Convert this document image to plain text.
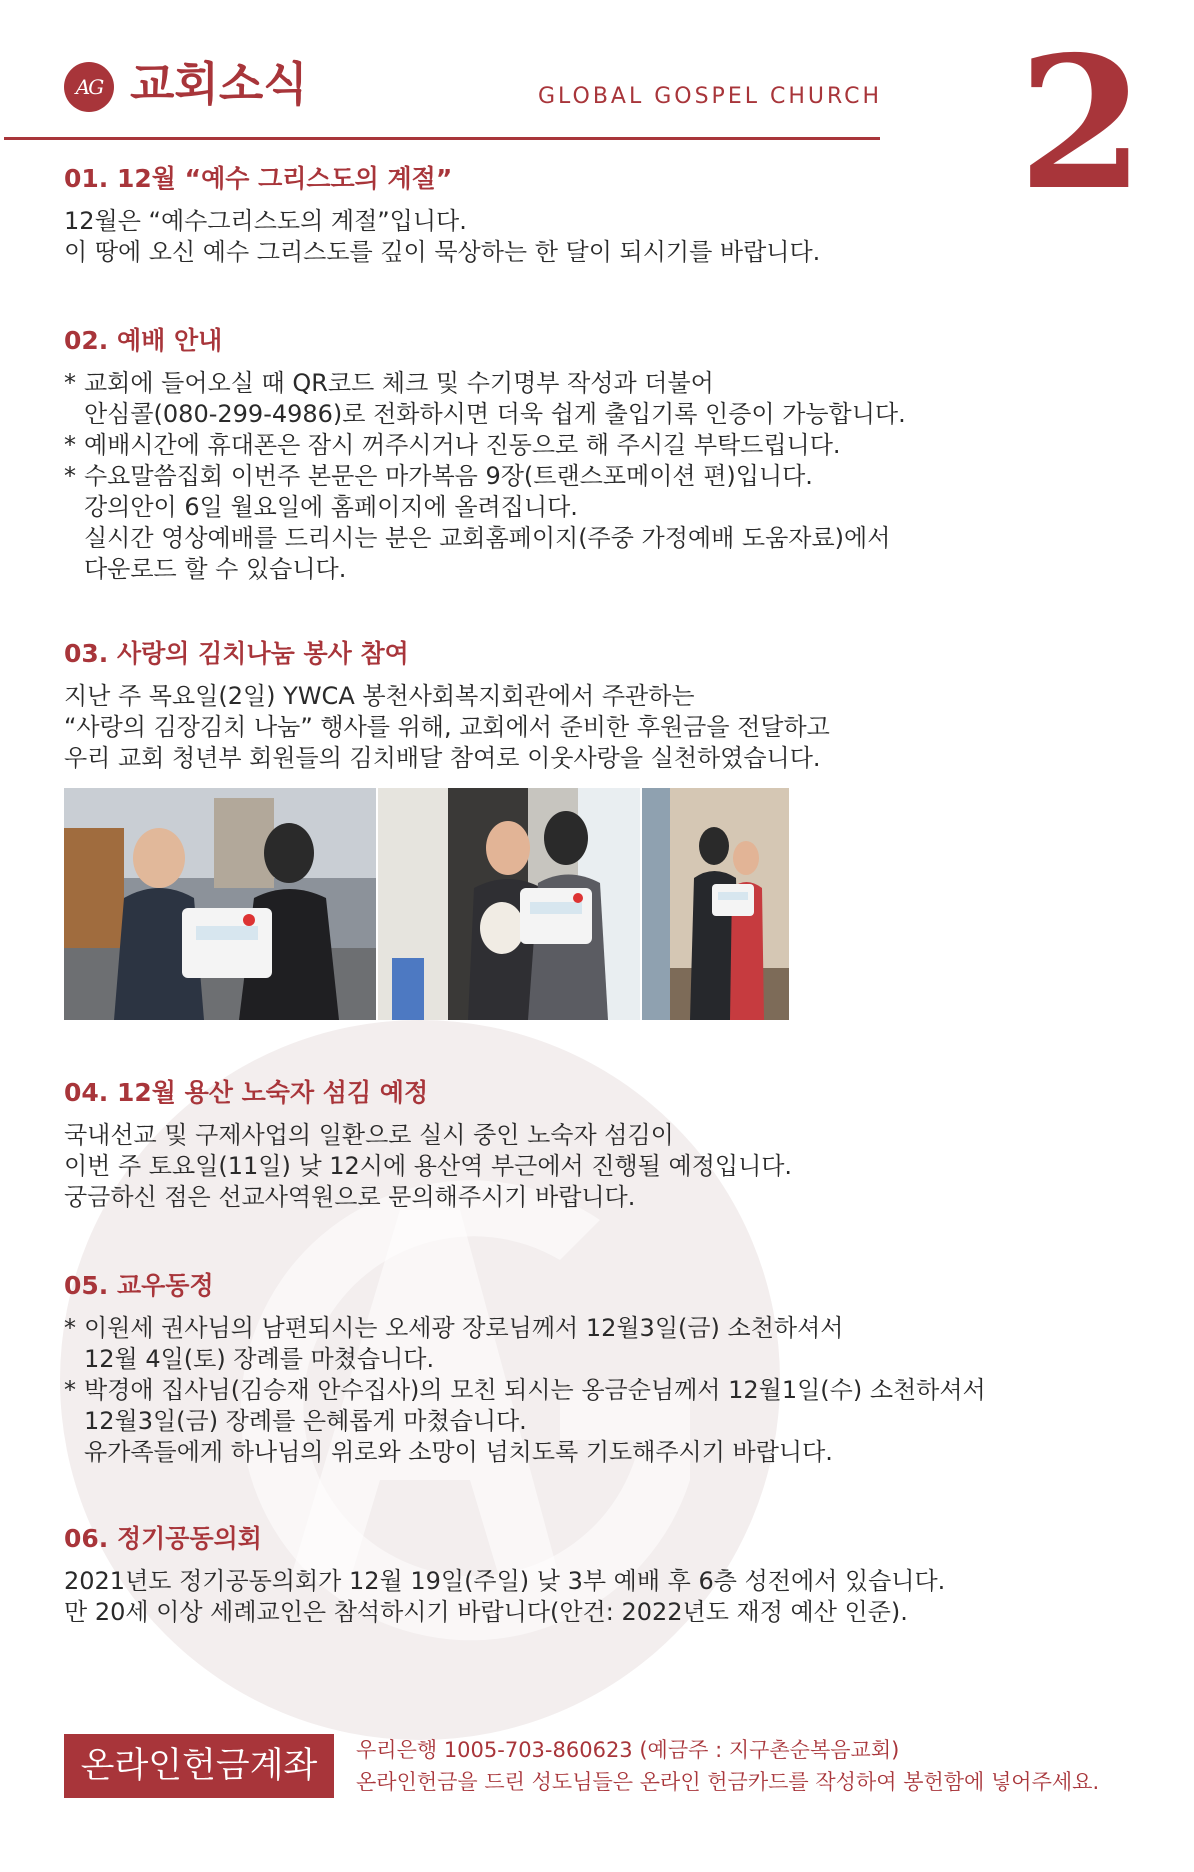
AG 교회소식	GLOBAL GOSPEL CHURCH 2
01. 12월 “예수 그리스도의 계절”

12월은 “예수그리스도의 계절”입니다.

이 땅에 오신 예수 그리스도를 깊이 묵상하는 한 달이 되시기를 바랍니다.

02. 예배 안내
* 교회에 들어오실 때 QR코드 체크 및 수기명부 작성과 더불어

안심콜(080-299-4986)로 전화하시면 더욱 쉽게 출입기록 인증이 가능합니다.

* 예배시간에 휴대폰은 잠시 꺼주시거나 진동으로 해 주시길 부탁드립니다.

* 수요말씀집회 이번주 본문은 마가복음 9장(트랜스포메이션 편)입니다.

강의안이 6일 월요일에 홈페이지에 올려집니다.

실시간 영상예배를 드리시는 분은 교회홈페이지(주중 가정예배 도움자료)에서

다운로드 할 수 있습니다.

03. 사랑의 김치나눔 봉사 참여

지난 주 목요일(2일) YWCA 봉천사회복지회관에서 주관하는

“사랑의 김장김치 나눔” 행사를 위해, 교회에서 준비한 후원금을 전달하고

우리 교회 청년부 회원들의 김치배달 참여로 이웃사랑을 실천하였습니다.

04. 12월 용산 노숙자 섬김 예정

국내선교 및 구제사업의 일환으로 실시 중인 노숙자 섬김이

이번 주 토요일(11일) 낮 12시에 용산역 부근에서 진행될 예정입니다.

궁금하신 점은 선교사역원으로 문의해주시기 바랍니다.

05. 교우동정
* 이원세 권사님의 남편되시는 오세광 장로님께서 12월3일(금) 소천하셔서

12월 4일(토) 장례를 마쳤습니다.

* 박경애 집사님(김승재 안수집사)의 모친 되시는 옹금순님께서 12월1일(수) 소천하셔서

12월3일(금) 장례를 은혜롭게 마쳤습니다.

유가족들에게 하나님의 위로와 소망이 넘치도록 기도해주시기 바랍니다.

06. 정기공동의회

2021년도 정기공동의회가 12월 19일(주일) 낮 3부 예배 후 6층 성전에서 있습니다.

만 20세 이상 세례교인은 참석하시기 바랍니다(안건: 2022년도 재정 예산 인준).

온라인헌금계좌	우리은행 1005-703-860623 (예금주 : 지구촌순복음교회)
온라인헌금을 드린 성도님들은 온라인 헌금카드를 작성하여 봉헌함에 넣어주세요.
